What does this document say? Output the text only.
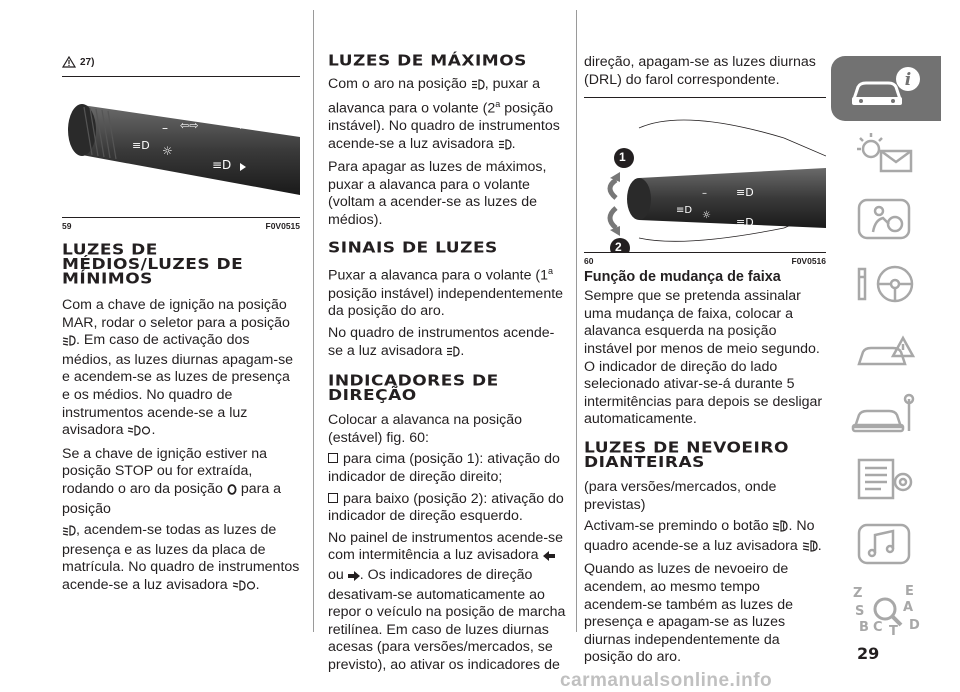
27)
≡D
–
☼
⇦⇨ ≡D
≡D
59	F0V0515
LUZES DE MÉDIOS/LUZES DE MÍNIMOS

Com a chave de ignição na posição MAR, rodar o seletor para a posição . Em caso de activação dos médios, as luzes diurnas apagam-se e acendem-se as luzes de presença e os médios. No quadro de instrumentos acende-se a luz avisadora .

Se a chave de ignição estiver na posição STOP ou for extraída, rodando o aro da posição para a posição

, acendem-se todas as luzes de presença e as luzes da placa de matrícula. No quadro de instrumentos acende-se a luz avisadora .

LUZES DE MÁXIMOS

Com o aro na posição , puxar a alavanca para o volante (2$^a$ posição instável). No quadro de instrumentos acende-se a luz avisadora .

Para apagar as luzes de máximos, puxar a alavanca para o volante (voltam a acender-se as luzes de médios).

SINAIS DE LUZES

Puxar a alavanca para o volante (1$^a$ posição instável) independentemente da posição do aro.

No quadro de instrumentos acende-se a luz avisadora .

INDICADORES DE DIREÇÃO

Colocar a alavanca na posição (estável) fig. 60:

para cima (posição 1): ativação do indicador de direção direito;

para baixo (posição 2): ativação do indicador de direção esquerdo.

No painel de instrumentos acende-se com intermitência a luz avisadora  ou . Os indicadores de direção desativam-se automaticamente ao repor o veículo na posição de marcha retilínea. Em caso de luzes diurnas acesas (para versões/mercados, se previsto), ao ativar os indicadores de

direção, apagam-se as luzes diurnas (DRL) do farol correspondente.

≡D
–
☼
≡D
≡D
1
2
60	F0V0516
Função de mudança de faixa

Sempre que se pretenda assinalar uma mudança de faixa, colocar a alavanca esquerda na posição instável por menos de meio segundo. O indicador de direção do lado selecionado ativar-se-á durante 5 intermitências para depois se desligar automaticamente.

LUZES DE NEVOEIRO DIANTEIRAS

(para versões/mercados, onde previstas)

Activam-se premindo o botão . No quadro acende-se a luz avisadora .

Quando as luzes de nevoeiro de acendem, ao mesmo tempo acendem-se também as luzes de presença e apagam-se as luzes diurnas independentemente da posição do aro.

i
Z	E
S	A
B C T D
29
carmanualsonline.info
